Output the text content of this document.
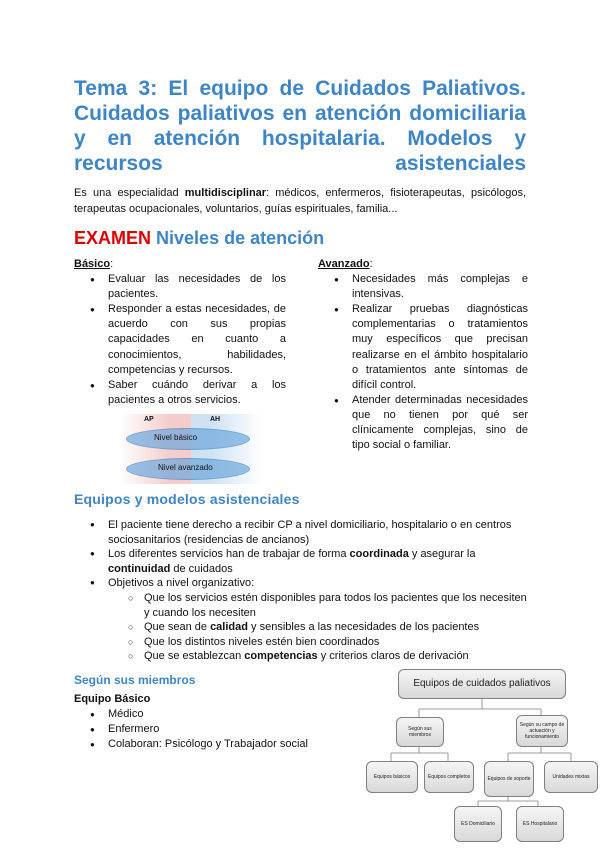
Tema 3: El equipo de Cuidados Paliativos. Cuidados paliativos en atención domiciliaria y en atención hospitalaria. Modelos y recursos asistenciales
Es una especialidad multidisciplinar: médicos, enfermeros, fisioterapeutas, psicólogos, terapeutas ocupacionales, voluntarios, guías espirituales, familia...
EXAMEN Niveles de atención
Básico:
● Evaluar las necesidades de los pacientes.
● Responder a estas necesidades, de acuerdo con sus propias capacidades en cuanto a conocimientos, habilidades, competencias y recursos.
● Saber cuándo derivar a los pacientes a otros servicios.
Avanzado:
● Necesidades más complejas e intensivas.
● Realizar pruebas diagnósticas complementarias o tratamientos muy específicos que precisan realizarse en el ámbito hospitalario o tratamientos ante síntomas de difícil control.
● Atender determinadas necesidades que no tienen por qué ser clínicamente complejas, sino de tipo social o familiar.
AP	AH
Nivel básico
Nivel avanzado
Equipos y modelos asistenciales
● El paciente tiene derecho a recibir CP a nivel domiciliario, hospitalario o en centros sociosanitarios (residencias de ancianos)
● Los diferentes servicios han de trabajar de forma coordinada y asegurar la continuidad de cuidados
● Objetivos a nivel organizativo:
○ Que los servicios estén disponibles para todos los pacientes que los necesiten y cuando los necesiten
○ Que sean de calidad y sensibles a las necesidades de los pacientes
○ Que los distintos niveles estén bien coordinados
○ Que se establezcan competencias y criterios claros de derivación
Según sus miembros
Equipo Básico
● Médico
● Enfermero
● Colaboran: Psicólogo y Trabajador social
Equipos de cuidados paliativos
Según sus miembros
Según su campo de actuación y funcionamiento
Equipos básicos	Equipos completos	Equipos de soporte	Unidades mixtas
ES Domiciliario	ES Hospitalario
